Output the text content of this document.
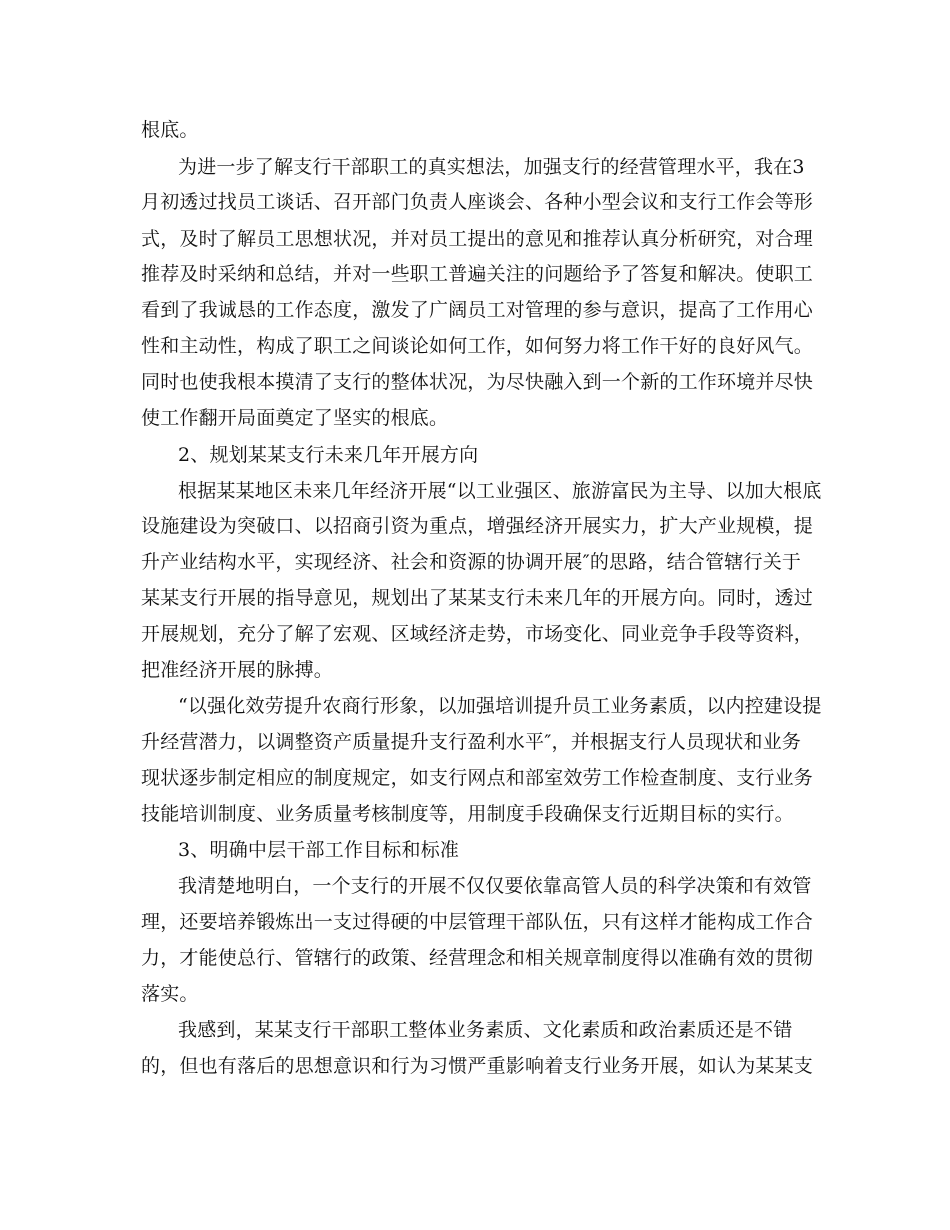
根底。
为进一步了解支行干部职工的真实想法，加强支行的经营管理水平，我在3
月初透过找员工谈话、召开部门负责人座谈会、各种小型会议和支行工作会等形
式，及时了解员工思想状况，并对员工提出的意见和推荐认真分析研究，对合理
推荐及时采纳和总结，并对一些职工普遍关注的问题给予了答复和解决。使职工
看到了我诚恳的工作态度，激发了广阔员工对管理的参与意识，提高了工作用心
性和主动性，构成了职工之间谈论如何工作，如何努力将工作干好的良好风气。
同时也使我根本摸清了支行的整体状况，为尽快融入到一个新的工作环境并尽快
使工作翻开局面奠定了坚实的根底。
2、规划某某支行未来几年开展方向
根据某某地区未来几年经济开展“以工业强区、旅游富民为主导、以加大根底
设施建设为突破口、以招商引资为重点，增强经济开展实力，扩大产业规模，提
升产业结构水平，实现经济、社会和资源的协调开展″的思路，结合管辖行关于
某某支行开展的指导意见，规划出了某某支行未来几年的开展方向。同时，透过
开展规划，充分了解了宏观、区域经济走势，市场变化、同业竞争手段等资料，
把准经济开展的脉搏。
“以强化效劳提升农商行形象，以加强培训提升员工业务素质，以内控建设提
升经营潜力，以调整资产质量提升支行盈利水平″，并根据支行人员现状和业务
现状逐步制定相应的制度规定，如支行网点和部室效劳工作检查制度、支行业务
技能培训制度、业务质量考核制度等，用制度手段确保支行近期目标的实行。
3、明确中层干部工作目标和标准
我清楚地明白，一个支行的开展不仅仅要依靠高管人员的科学决策和有效管
理，还要培养锻炼出一支过得硬的中层管理干部队伍，只有这样才能构成工作合
力，才能使总行、管辖行的政策、经营理念和相关规章制度得以准确有效的贯彻
落实。
我感到，某某支行干部职工整体业务素质、文化素质和政治素质还是不错
的，但也有落后的思想意识和行为习惯严重影响着支行业务开展，如认为某某支
